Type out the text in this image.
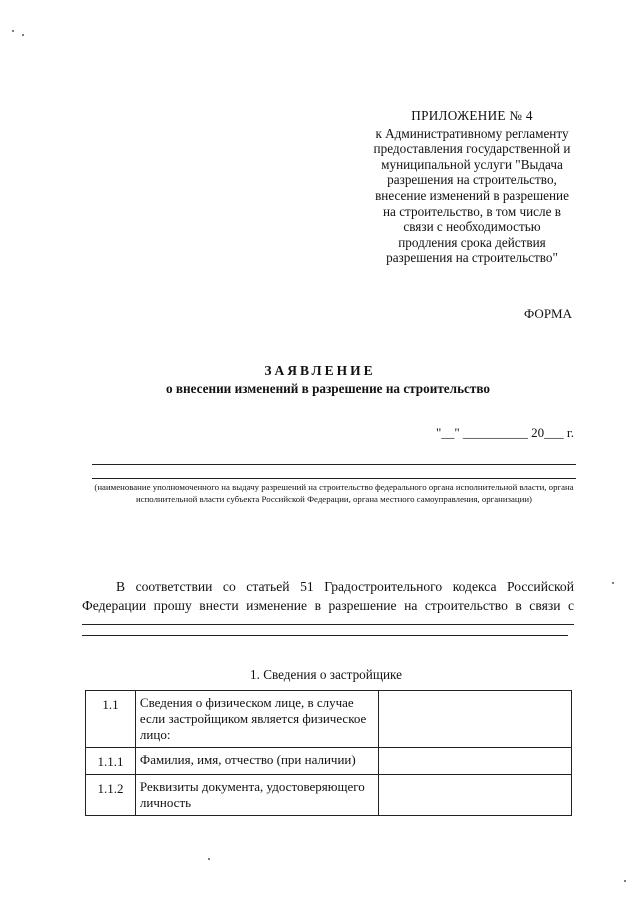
ПРИЛОЖЕНИЕ № 4
к Административному регламенту
предоставления государственной и
муниципальной услуги "Выдача
разрешения на строительство,
внесение изменений в разрешение
на строительство, в том числе в
связи с необходимостью
продления срока действия
разрешения на строительство"
ФОРМА
ЗАЯВЛЕНИЕ
о внесении изменений в разрешение на строительство
"__" __________ 20___ г.
(наименование уполномоченного на выдачу разрешений на строительство федерального органа исполнительной власти, органа исполнительной власти субъекта Российской Федерации, органа местного самоуправления, организации)
В соответствии со статьей 51 Градостроительного кодекса Российской Федерации прошу внести изменение в разрешение на строительство в связи с
1. Сведения о застройщике
1.1	Сведения о физическом лице, в случае если застройщиком является физическое лицо:	
1.1.1	Фамилия, имя, отчество (при наличии)	
1.1.2	Реквизиты документа, удостоверяющего личность	
